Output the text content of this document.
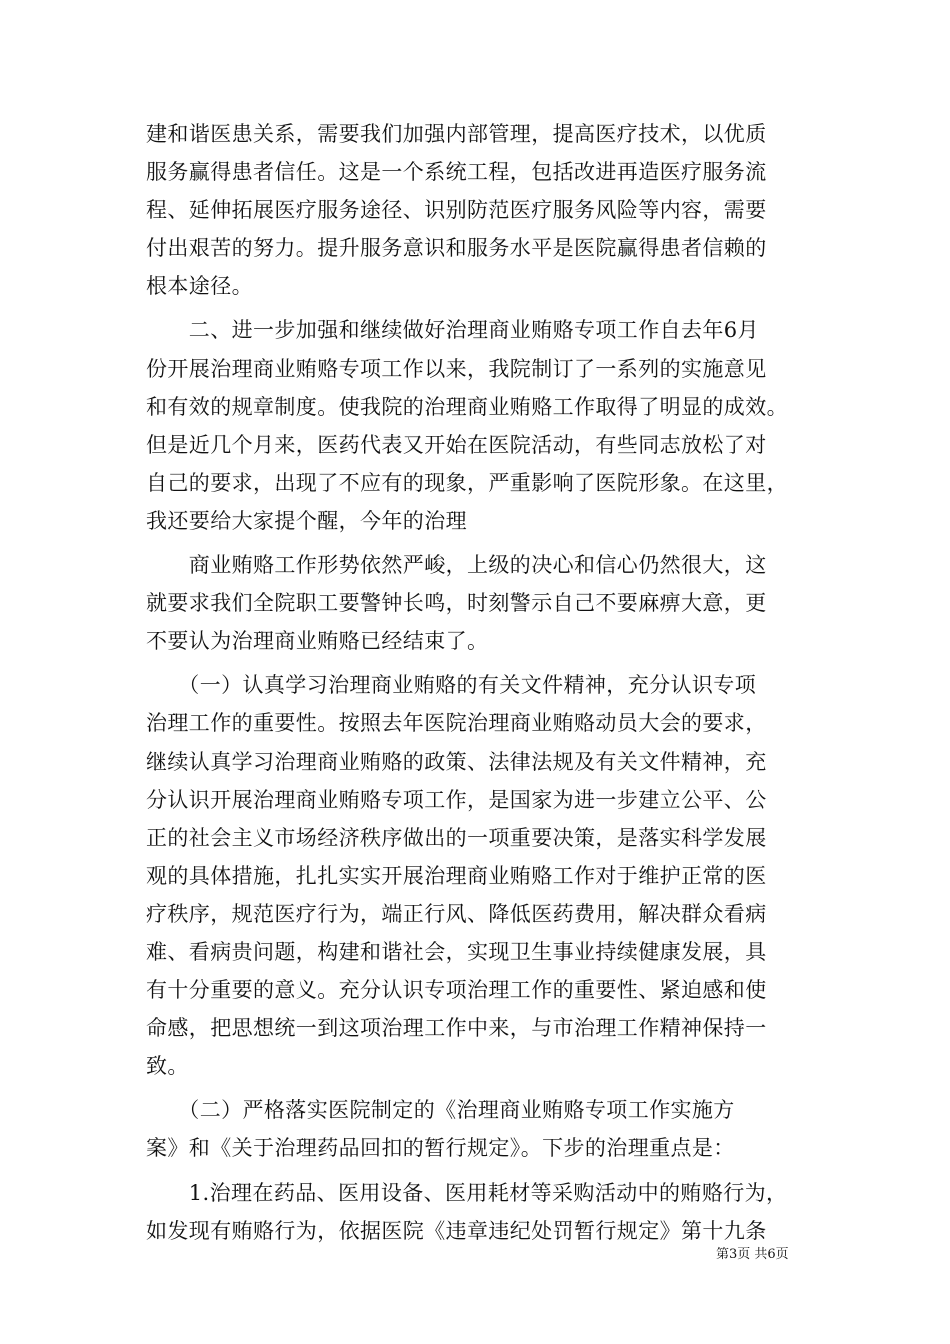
建和谐医患关系，需要我们加强内部管理，提高医疗技术，以优质
服务赢得患者信任。这是一个系统工程，包括改进再造医疗服务流
程、延伸拓展医疗服务途径、识别防范医疗服务风险等内容，需要
付出艰苦的努力。提升服务意识和服务水平是医院赢得患者信赖的
根本途径。
　　二、进一步加强和继续做好治理商业贿赂专项工作自去年6月
份开展治理商业贿赂专项工作以来，我院制订了一系列的实施意见
和有效的规章制度。使我院的治理商业贿赂工作取得了明显的成效。
但是近几个月来，医药代表又开始在医院活动，有些同志放松了对
自己的要求，出现了不应有的现象，严重影响了医院形象。在这里，
我还要给大家提个醒，今年的治理
　　商业贿赂工作形势依然严峻，上级的决心和信心仍然很大，这
就要求我们全院职工要警钟长鸣，时刻警示自己不要麻痹大意，更
不要认为治理商业贿赂已经结束了。
　　（一）认真学习治理商业贿赂的有关文件精神，充分认识专项
治理工作的重要性。按照去年医院治理商业贿赂动员大会的要求，
继续认真学习治理商业贿赂的政策、法律法规及有关文件精神，充
分认识开展治理商业贿赂专项工作，是国家为进一步建立公平、公
正的社会主义市场经济秩序做出的一项重要决策，是落实科学发展
观的具体措施，扎扎实实开展治理商业贿赂工作对于维护正常的医
疗秩序，规范医疗行为，端正行风、降低医药费用，解决群众看病
难、看病贵问题，构建和谐社会，实现卫生事业持续健康发展，具
有十分重要的意义。充分认识专项治理工作的重要性、紧迫感和使
命感，把思想统一到这项治理工作中来，与市治理工作精神保持一
致。
　　（二）严格落实医院制定的《治理商业贿赂专项工作实施方
案》和《关于治理药品回扣的暂行规定》。下步的治理重点是：
　　1.治理在药品、医用设备、医用耗材等采购活动中的贿赂行为，
如发现有贿赂行为，依据医院《违章违纪处罚暂行规定》第十九条
第3页 共6页
